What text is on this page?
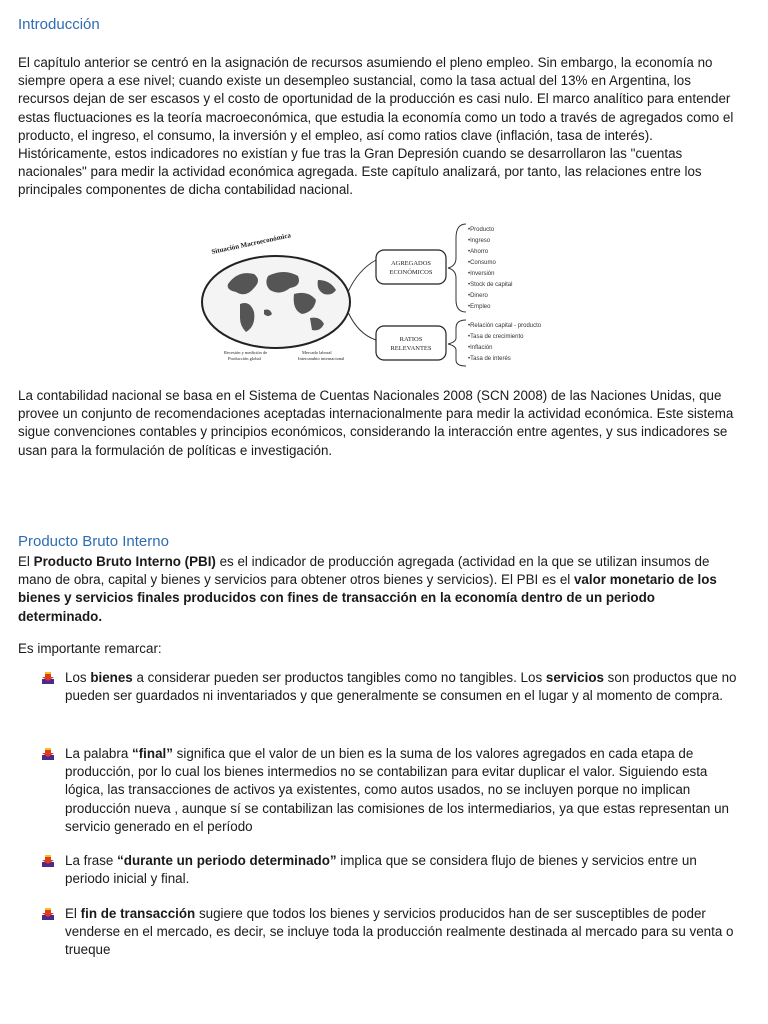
Introducción

El capítulo anterior se centró en la asignación de recursos asumiendo el pleno empleo. Sin embargo, la economía no siempre opera a ese nivel; cuando existe un desempleo sustancial, como la tasa actual del 13% en Argentina, los recursos dejan de ser escasos y el costo de oportunidad de la producción es casi nulo. El marco analítico para entender estas fluctuaciones es la teoría macroeconómica, que estudia la economía como un todo a través de agregados como el producto, el ingreso, el consumo, la inversión y el empleo, así como ratios clave (inflación, tasa de interés). Históricamente, estos indicadores no existían y fue tras la Gran Depresión cuando se desarrollaron las "cuentas nacionales" para medir la actividad económica agregada. Este capítulo analizará, por tanto, las relaciones entre los principales componentes de dicha contabilidad nacional.

Situación Macroeconómica
Recesión y medición de
Producción global
Mercado laboral
Intercambio internacional
AGREGADOS
ECONÓMICOS
RATIOS
RELEVANTES
•Producto
•Ingreso
•Ahorro
•Consumo
•Inversión
•Stock de capital
•Dinero
•Empleo
•Relación capital - producto
•Tasa de crecimiento
•Inflación
•Tasa de interés

La contabilidad nacional se basa en el Sistema de Cuentas Nacionales 2008 (SCN 2008) de las Naciones Unidas, que provee un conjunto de recomendaciones aceptadas internacionalmente para medir la actividad económica. Este sistema sigue convenciones contables y principios económicos, considerando la interacción entre agentes, y sus indicadores se usan para la formulación de políticas e investigación.

Producto Bruto Interno

El Producto Bruto Interno (PBI) es el indicador de producción agregada (actividad en la que se utilizan insumos de mano de obra, capital y bienes y servicios para obtener otros bienes y servicios). El PBI es el valor monetario de los bienes y servicios finales producidos con fines de transacción en la economía dentro de un periodo determinado.

Es importante remarcar:

Los bienes a considerar pueden ser productos tangibles como no tangibles. Los servicios son productos que no pueden ser guardados ni inventariados y que generalmente se consumen en el lugar y al momento de compra.

La palabra “final” significa que el valor de un bien es la suma de los valores agregados en cada etapa de producción, por lo cual los bienes intermedios no se contabilizan para evitar duplicar el valor. Siguiendo esta lógica, las transacciones de activos ya existentes, como autos usados, no se incluyen porque no implican producción nueva , aunque sí se contabilizan las comisiones de los intermediarios, ya que estas representan un servicio generado en el período

La frase “durante un periodo determinado” implica que se considera flujo de bienes y servicios entre un periodo inicial y final.

El fin de transacción sugiere que todos los bienes y servicios producidos han de ser susceptibles de poder venderse en el mercado, es decir, se incluye toda la producción realmente destinada al mercado para su venta o trueque
